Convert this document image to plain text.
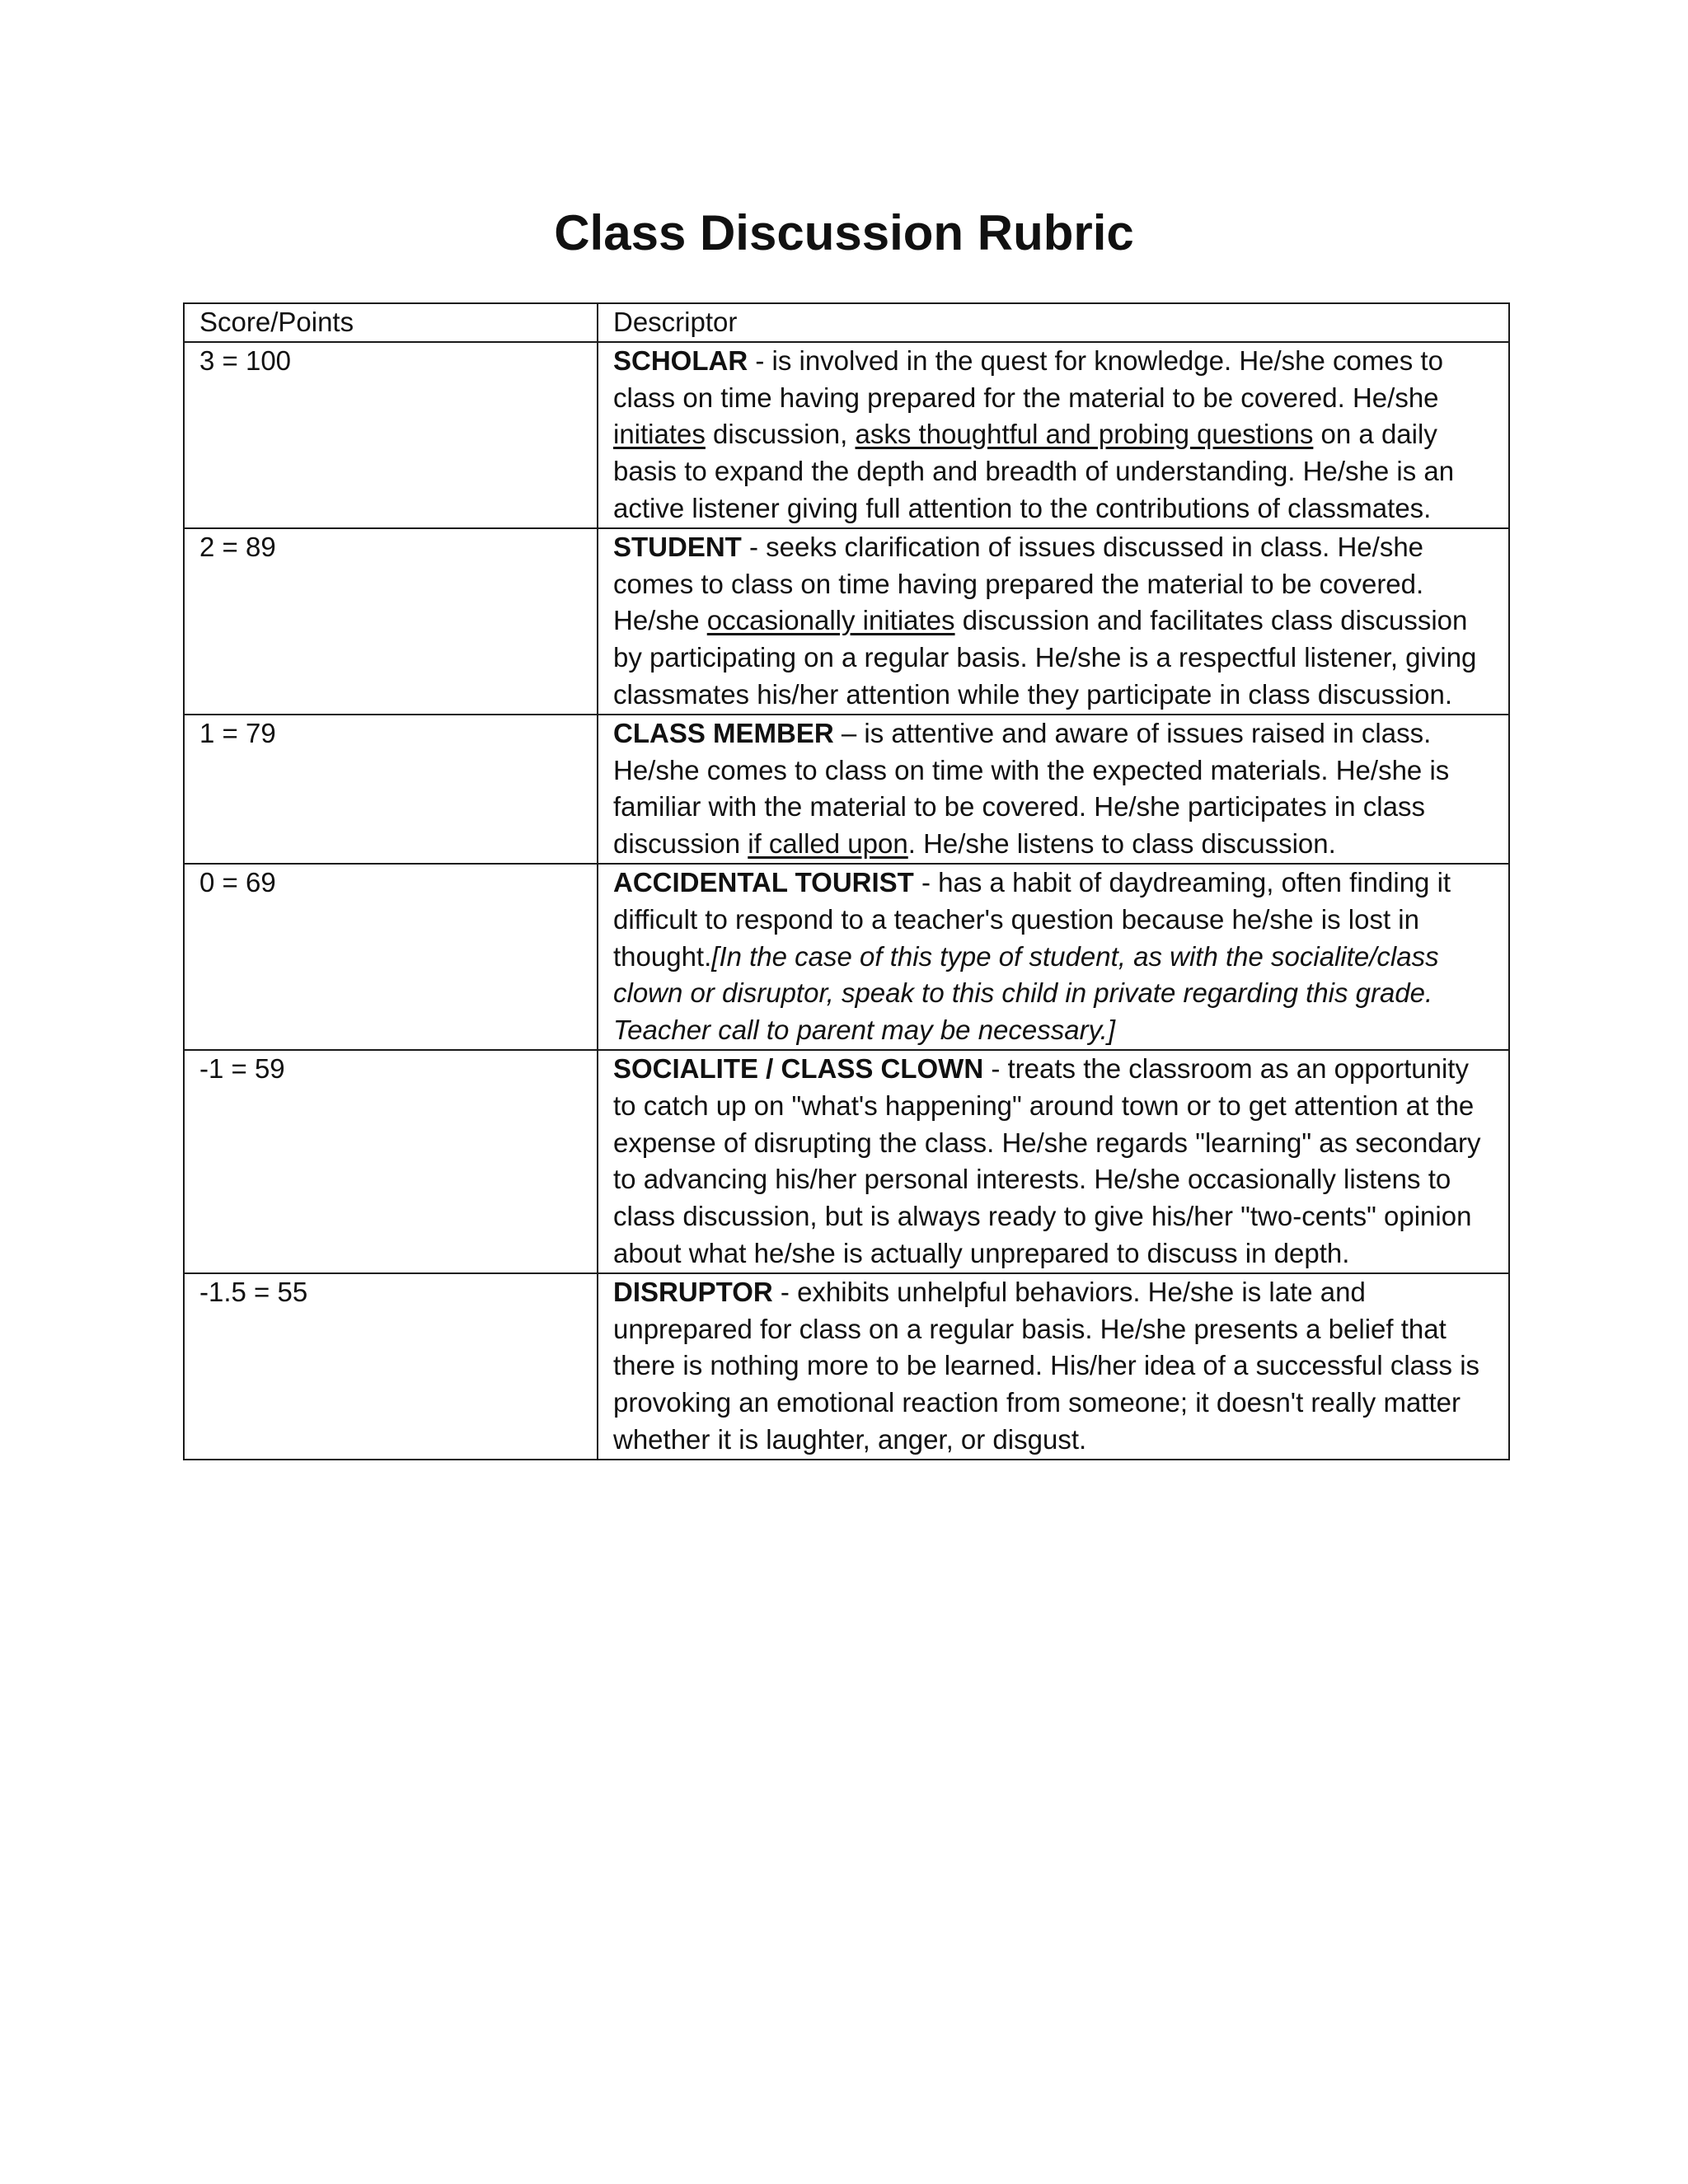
Class Discussion Rubric
Score/Points	Descriptor
3 = 100	SCHOLAR - is involved in the quest for knowledge. He/she comes to class on time having prepared for the material to be covered. He/she initiates discussion, asks thoughtful and probing questions on a daily basis to expand the depth and breadth of understanding. He/she is an active listener giving full attention to the contributions of classmates.
2 = 89	STUDENT - seeks clarification of issues discussed in class. He/she comes to class on time having prepared the material to be covered. He/she occasionally initiates discussion and facilitates class discussion by participating on a regular basis. He/she is a respectful listener, giving classmates his/her attention while they participate in class discussion.
1 = 79	CLASS MEMBER – is attentive and aware of issues raised in class. He/she comes to class on time with the expected materials. He/she is familiar with the material to be covered. He/she participates in class discussion if called upon. He/she listens to class discussion.
0 = 69	ACCIDENTAL TOURIST - has a habit of daydreaming, often finding it difficult to respond to a teacher's question because he/she is lost in thought.[In the case of this type of student, as with the socialite/class clown or disruptor, speak to this child in private regarding this grade. Teacher call to parent may be necessary.]
-1 = 59	SOCIALITE / CLASS CLOWN - treats the classroom as an opportunity to catch up on "what's happening" around town or to get attention at the expense of disrupting the class. He/she regards "learning" as secondary to advancing his/her personal interests. He/she occasionally listens to class discussion, but is always ready to give his/her "two-cents" opinion about what he/she is actually unprepared to discuss in depth.
-1.5 = 55	DISRUPTOR - exhibits unhelpful behaviors. He/she is late and unprepared for class on a regular basis. He/she presents a belief that there is nothing more to be learned. His/her idea of a successful class is provoking an emotional reaction from someone; it doesn't really matter whether it is laughter, anger, or disgust.
